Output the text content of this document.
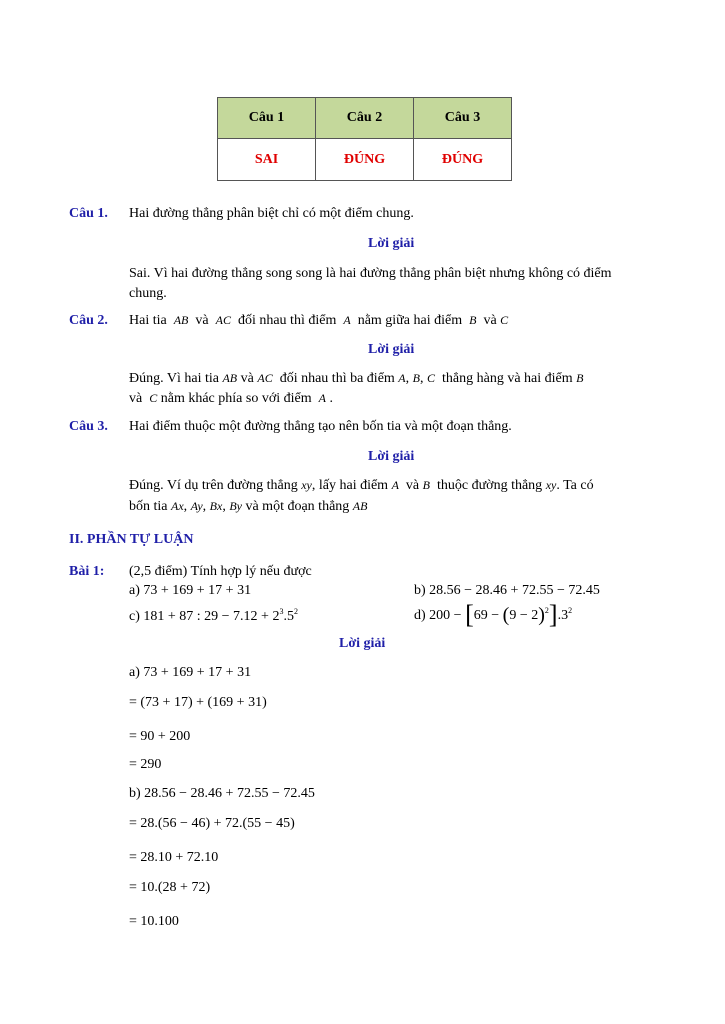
Câu 1	Câu 2	Câu 3
SAI	ĐÚNG	ĐÚNG
Câu 1. Hai đường thẳng phân biệt chỉ có một điểm chung.
Lời giải
Sai. Vì hai đường thẳng song song là hai đường thẳng phân biệt nhưng không có điểm chung.
Câu 2. Hai tia AB và AC đối nhau thì điểm A nằm giữa hai điểm B và C
Lời giải
Đúng. Vì hai tia AB và AC đối nhau thì ba điểm A, B, C thẳng hàng và hai điểm B
và C nằm khác phía so với điểm A .
Câu 3. Hai điểm thuộc một đường thẳng tạo nên bốn tia và một đoạn thẳng.
Lời giải
Đúng. Ví dụ trên đường thẳng xy, lấy hai điểm A và B thuộc đường thẳng xy. Ta có
bốn tia Ax, Ay, Bx, By và một đoạn thẳng AB
II. PHẦN TỰ LUẬN
Bài 1: (2,5 điểm) Tính hợp lý nếu được
a) 73 + 169 + 17 + 31	b) 28.56 − 28.46 + 72.55 − 72.45
c) 181 + 87 : $29 - 7.12 + 2^3.5^2$	d) $200 - [69 - (9 - 2)^2].3^2$
Lời giải
a) 73 + 169 + 17 + 31
= (73 + 17) + (169 + 31)
= 90 + 200
= 290
b) 28.56 − 28.46 + 72.55 − 72.45
= 28.(56 − 46) + 72.(55 − 45)
= 28.10 + 72.10
= 10.(28 + 72)
= 10.100
